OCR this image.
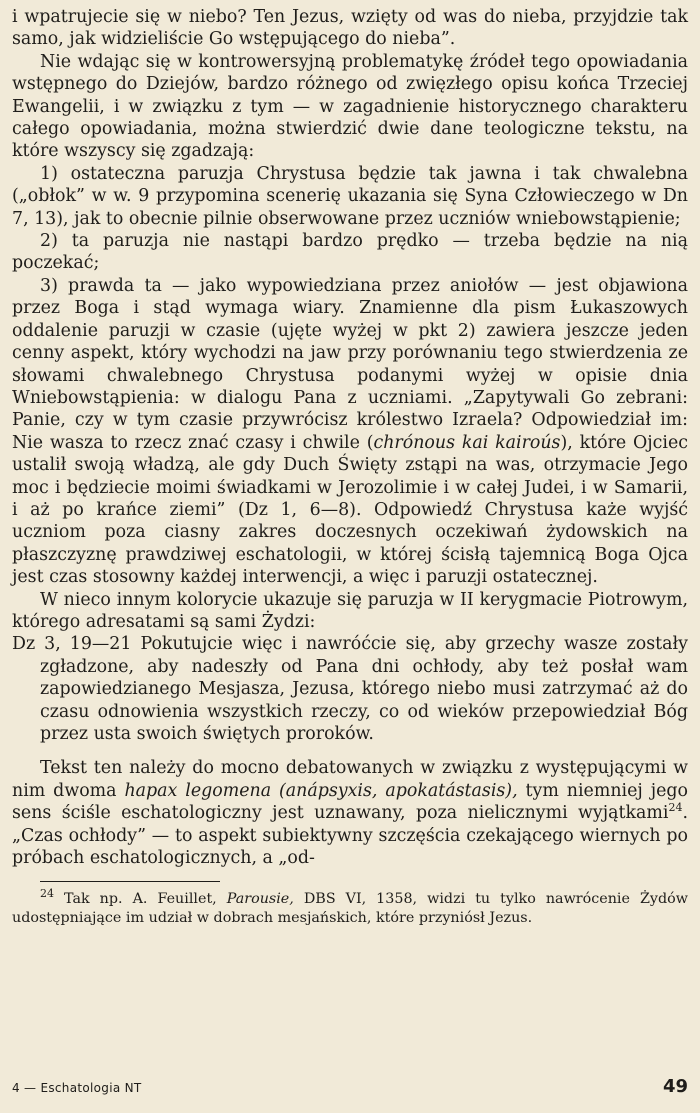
i wpatrujecie się w niebo? Ten Jezus, wzięty od was do nieba, przyjdzie tak samo, jak widzieliście Go wstępującego do nieba”.

Nie wdając się w kontrowersyjną problematykę źródeł tego opowiadania wstępnego do Dziejów, bardzo różnego od zwięzłego opisu końca Trzeciej Ewangelii, i w związku z tym — w zagadnienie historycznego charakteru całego opowiadania, można stwierdzić dwie dane teologiczne tekstu, na które wszyscy się zgadzają:

1) ostateczna paruzja Chrystusa będzie tak jawna i tak chwalebna („obłok” w w. 9 przypomina scenerię ukazania się Syna Człowieczego w Dn 7, 13), jak to obecnie pilnie obserwowane przez uczniów wniebowstąpienie;

2) ta paruzja nie nastąpi bardzo prędko — trzeba będzie na nią poczekać;

3) prawda ta — jako wypowiedziana przez aniołów — jest objawiona przez Boga i stąd wymaga wiary. Znamienne dla pism Łukaszowych oddalenie paruzji w czasie (ujęte wyżej w pkt 2) zawiera jeszcze jeden cenny aspekt, który wychodzi na jaw przy porównaniu tego stwierdzenia ze słowami chwalebnego Chrystusa podanymi wyżej w opisie dnia Wniebowstąpienia: w dialogu Pana z uczniami. „Zapytywali Go zebrani: Panie, czy w tym czasie przywrócisz królestwo Izraela? Odpowiedział im: Nie wasza to rzecz znać czasy i chwile (chrónous kai kairoús), które Ojciec ustalił swoją władzą, ale gdy Duch Święty zstąpi na was, otrzymacie Jego moc i będziecie moimi świadkami w Jerozolimie i w całej Judei, i w Samarii, i aż po krańce ziemi” (Dz 1, 6—8). Odpowiedź Chrystusa każe wyjść uczniom poza ciasny zakres doczesnych oczekiwań żydowskich na płaszczyznę prawdziwej eschatologii, w której ścisłą tajemnicą Boga Ojca jest czas stosowny każdej interwencji, a więc i paruzji ostatecznej.

W nieco innym kolorycie ukazuje się paruzja w II kerygmacie Piotrowym, którego adresatami są sami Żydzi:

Dz 3, 19—21 Pokutujcie więc i nawróćcie się, aby grzechy wasze zostały zgładzone, aby nadeszły od Pana dni ochłody, aby też posłał wam zapowiedzianego Mesjasza, Jezusa, którego niebo musi zatrzymać aż do czasu odnowienia wszystkich rzeczy, co od wieków przepowiedział Bóg przez usta swoich świętych proroków.

Tekst ten należy do mocno debatowanych w związku z występującymi w nim dwoma hapax legomena (anápsyxis, apokatástasis), tym niemniej jego sens ściśle eschatologiczny jest uznawany, poza nielicznymi wyjątkami$^{24}$. „Czas ochłody” — to aspekt subiektywny szczęścia czekającego wiernych po próbach eschatologicznych, a „od-

$^{24}$ Tak np. A. Feuillet, Parousie, DBS VI, 1358, widzi tu tylko nawrócenie Żydów udostępniające im udział w dobrach mesjańskich, które przyniósł Jezus.

4 — Eschatologia NT	49
